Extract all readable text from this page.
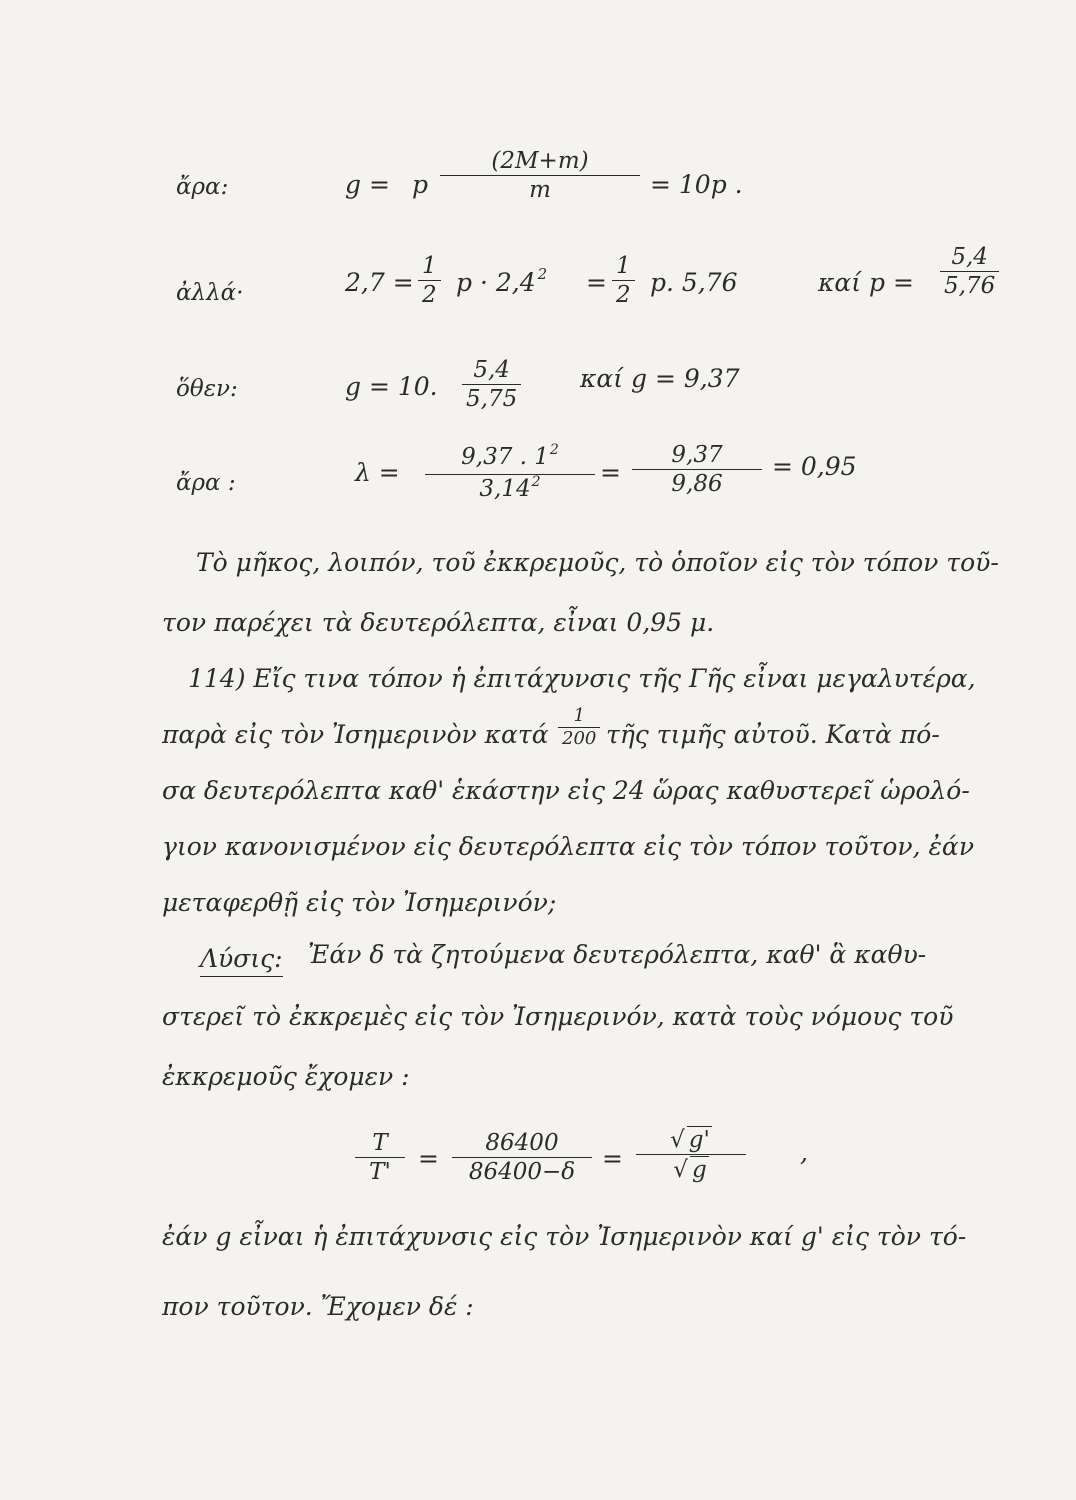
ἄρα:	g = p
(2M+m)
m	= 10p .
ἀλλά·	2,7 =
1
2 p · 2,4 $^2$ =
1
2 p. 5,76	καί p =
5,4
5,76
ὅθεν:	g = 10.
5,4
5,75
καί g = 9,37
ἄρα :	λ =
9,37 . $1^2$
$3,14^2$ =
9,37
9,86
= 0,95
Τὸ μῆκος, λοιπόν, τοῦ ἐκκρεμοῦς, τὸ ὁποῖον εἰς τὸν τόπον τοῦ-
τον παρέχει τὰ δευτερόλεπτα, εἶναι 0,95 μ.
114) Εἴς τινα τόπον ἡ ἐπιτάχυνσις τῆς Γῆς εἶναι μεγαλυτέρα,
παρὰ εἰς τὸν Ἰσημερινὸν κατά
1
200 τῆς τιμῆς αὐτοῦ. Κατὰ πό-
σα δευτερόλεπτα καθ' ἑκάστην εἰς 24 ὥρας καθυστερεῖ ὡρολό-
γιον κανονισμένον εἰς δευτερόλεπτα εἰς τὸν τόπον τοῦτον, ἐάν
μεταφερθῇ εἰς τὸν Ἰσημερινόν;
Λύσις: Ἐάν δ τὰ ζητούμενα δευτερόλεπτα, καθ' ἃ καθυ-
στερεῖ τὸ ἐκκρεμὲς εἰς τὸν Ἰσημερινόν, κατὰ τοὺς νόμους τοῦ
ἐκκρεμοῦς ἔχομεν :
T
T' =
86400
86400−δ =
√ g'
√ g
,
ἐάν g εἶναι ἡ ἐπιτάχυνσις εἰς τὸν Ἰσημερινὸν καί g' εἰς τὸν τό-
πον τοῦτον. Ἔχομεν δέ :
